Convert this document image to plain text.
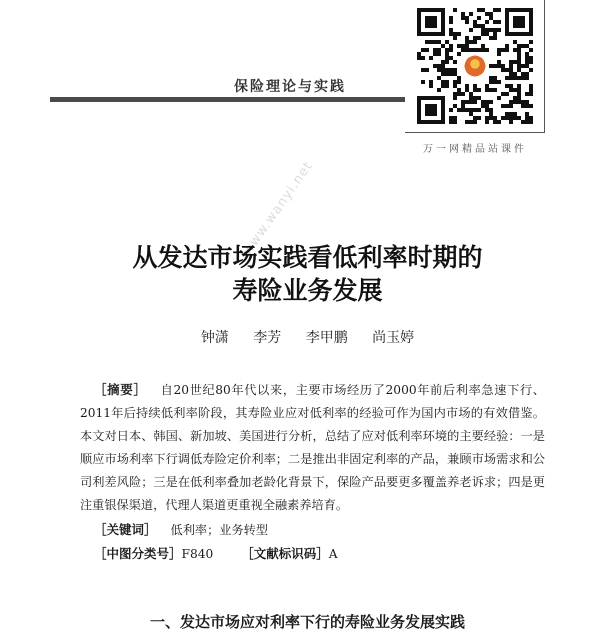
保险理论与实践
万一网精品站课件
www.wanyi.net
从发达市场实践看低利率时期的
寿险业务发展
钟潇 李芳 李甲鹏 尚玉婷
［摘要］ 自20世纪80年代以来，主要市场经历了2000年前后利率急速下行、2011年后持续低利率阶段，其寿险业应对低利率的经验可作为国内市场的有效借鉴。本文对日本、韩国、新加坡、美国进行分析，总结了应对低利率环境的主要经验：一是顺应市场利率下行调低寿险定价利率；二是推出非固定利率的产品，兼顾市场需求和公司利差风险；三是在低利率叠加老龄化背景下，保险产品要更多覆盖养老诉求；四是更注重银保渠道，代理人渠道更重视全融素养培育。
［关键词］ 低利率；业务转型
［中图分类号］F840 ［文献标识码］A
一、发达市场应对利率下行的寿险业务发展实践
